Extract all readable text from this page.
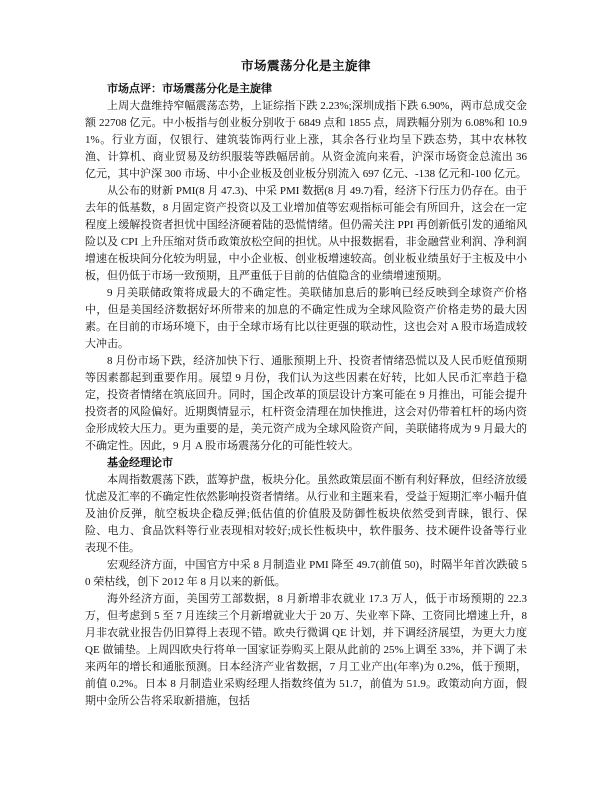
市场震荡分化是主旋律

市场点评：市场震荡分化是主旋律

上周大盘维持窄幅震荡态势，上证综指下跌 2.23%;深圳成指下跌 6.90%，两市总成交金额 22708 亿元。中小板指与创业板分别收于 6849 点和 1855 点，周跌幅分别为 6.08%和 10.91%。行业方面，仅银行、建筑装饰两行业上涨，其余各行业均呈下跌态势，其中农林牧渔、计算机、商业贸易及纺织服装等跌幅居前。从资金流向来看，沪深市场资金总流出 36 亿元，其中沪深 300 市场、中小企业板及创业板分别流入 697 亿元、-138 亿元和-100 亿元。

从公布的财新 PMI(8 月 47.3)、中采 PMI 数据(8 月 49.7)看，经济下行压力仍存在。由于去年的低基数，8 月固定资产投资以及工业增加值等宏观指标可能会有所回升，这会在一定程度上缓解投资者担忧中国经济硬着陆的恐慌情绪。但仍需关注 PPI 再创新低引发的通缩风险以及 CPI 上升压缩对货币政策放松空间的担忧。从中报数据看，非金融营业利润、净利润增速在板块间分化较为明显，中小企业板、创业板增速较高。创业板业绩虽好于主板及中小板，但仍低于市场一致预期，且严重低于目前的估值隐含的业绩增速预期。

9 月美联储政策将成最大的不确定性。美联储加息后的影响已经反映到全球资产价格中，但是美国经济数据好坏所带来的加息的不确定性成为全球风险资产价格走势的最大因素。在目前的市场环境下，由于全球市场有比以往更强的联动性，这也会对 A 股市场造成较大冲击。

8 月份市场下跌，经济加快下行、通胀预期上升、投资者情绪恐慌以及人民币贬值预期等因素都起到重要作用。展望 9 月份，我们认为这些因素在好转，比如人民币汇率趋于稳定，投资者情绪在筑底回升。同时，国企改革的顶层设计方案可能在 9 月推出，可能会提升投资者的风险偏好。近期舆情显示，杠杆资金清理在加快推进，这会对仍带着杠杆的场内资金形成较大压力。更为重要的是，美元资产成为全球风险资产间，美联储将成为 9 月最大的不确定性。因此，9 月 A 股市场震荡分化的可能性较大。

基金经理论市

本周指数震荡下跌，蓝筹护盘，板块分化。虽然政策层面不断有利好释放，但经济放缓忧虑及汇率的不确定性依然影响投资者情绪。从行业和主题来看，受益于短期汇率小幅升值及油价反弹，航空板块企稳反弹;低估值的价值股及防御性板块依然受到青睐，银行、保险、电力、食品饮料等行业表现相对较好;成长性板块中，软件服务、技术硬件设备等行业表现不佳。

宏观经济方面，中国官方中采 8 月制造业 PMI 降至 49.7(前值 50)，时隔半年首次跌破 50 荣枯线，创下 2012 年 8 月以来的新低。

海外经济方面，美国劳工部数据，8 月新增非农就业 17.3 万人，低于市场预期的 22.3 万，但考虑到 5 至 7 月连续三个月新增就业大于 20 万、失业率下降、工资同比增速上升，8 月非农就业报告仍旧算得上表现不错。欧央行微调 QE 计划，并下调经济展望，为更大力度 QE 做铺垫。上周四欧央行将单一国家证券购买上限从此前的 25%上调至 33%，并下调了未来两年的增长和通胀预测。日本经济产业省数据，7 月工业产出(年率)为 0.2%，低于预期，前值 0.2%。日本 8 月制造业采购经理人指数终值为 51.7，前值为 51.9。政策动向方面，假期中金所公告将采取新措施，包括
